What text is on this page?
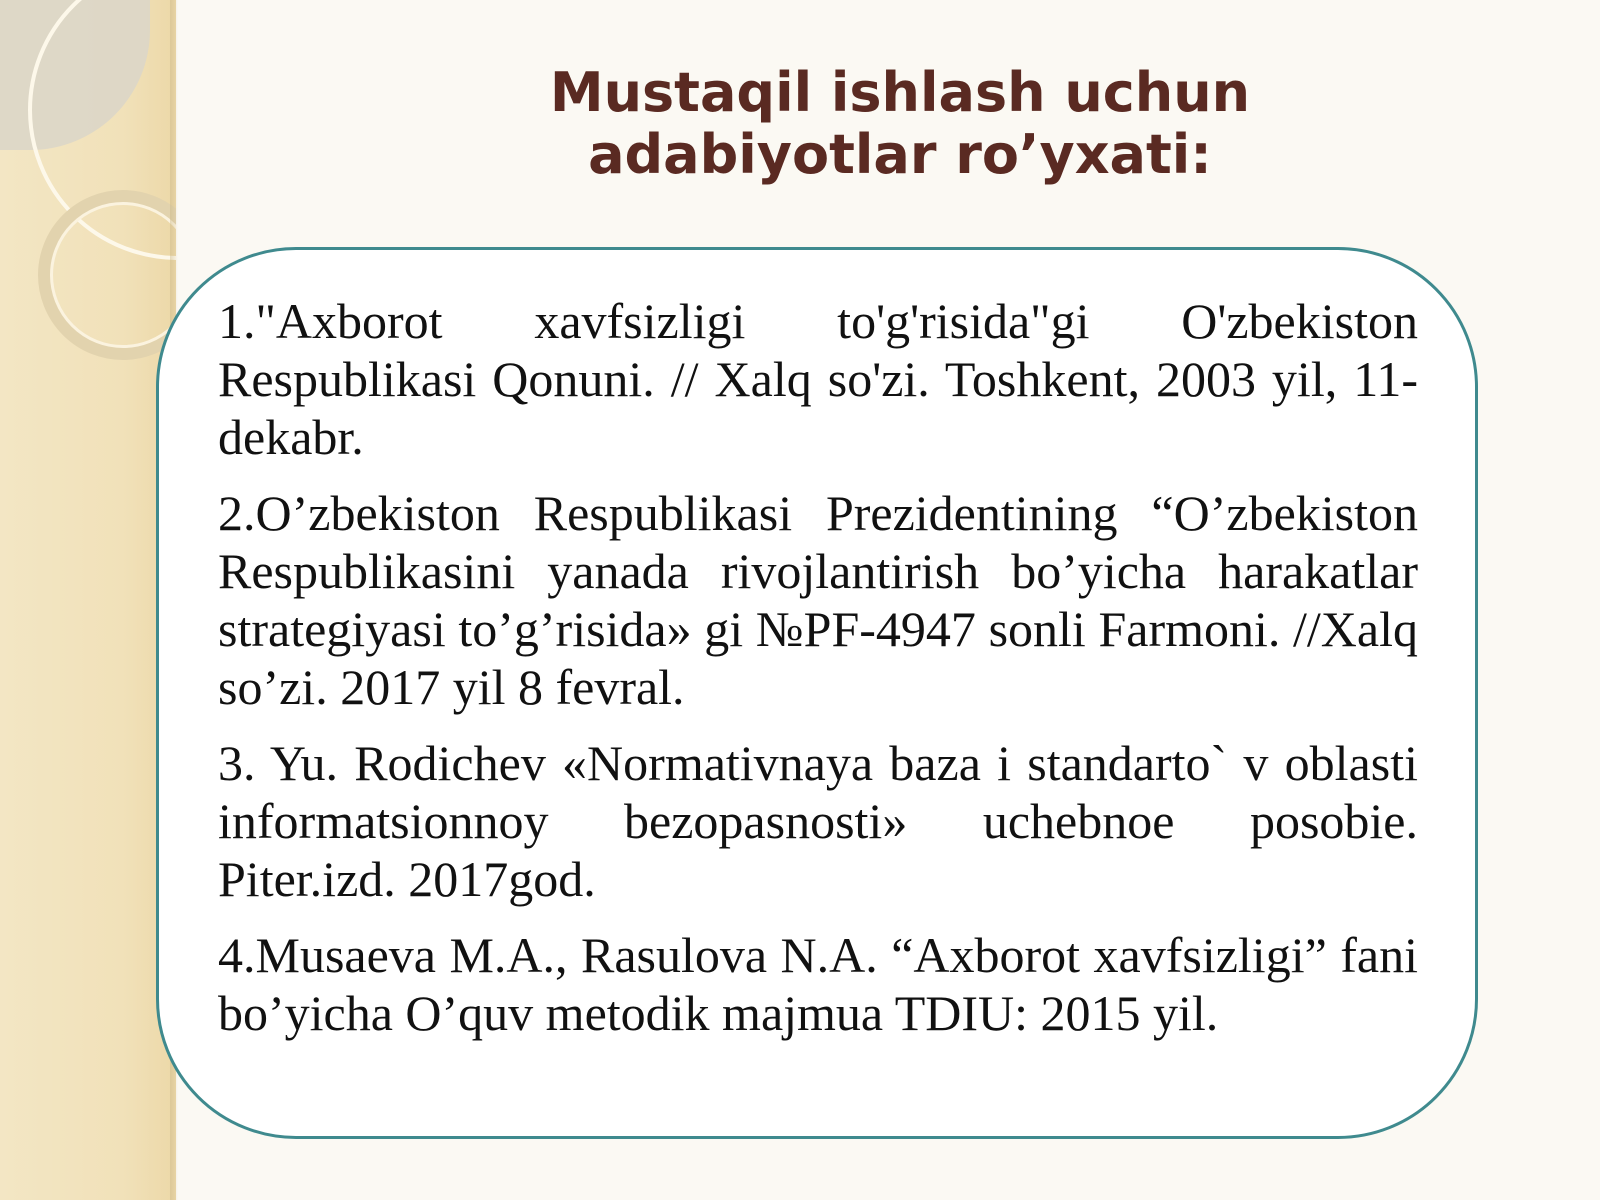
Mustaqil ishlash uchun
adabiyotlar ro’yxati:
1."Axborot xavfsizligi to'g'risida"gi O'zbekiston Respublikasi Qonuni. // Xalq so'zi. Toshkent, 2003 yil, 11-dekabr.
2.O’zbekiston Respublikasi Prezidentining “O’zbekiston Respublikasini yanada rivojlantirish bo’yicha harakatlar strategiyasi to’g’risida» gi №PF-4947 sonli Farmoni. //Xalq so’zi. 2017 yil 8 fevral.
3. Yu. Rodichev «Normativnaya baza i standarto` v oblasti informatsionnoy bezopasnosti» uchebnoe posobie. Piter.izd. 2017god.
4.Musaeva M.A., Rasulova N.A. “Axborot xavfsizligi” fani bo’yicha O’quv metodik majmua TDIU: 2015 yil.
